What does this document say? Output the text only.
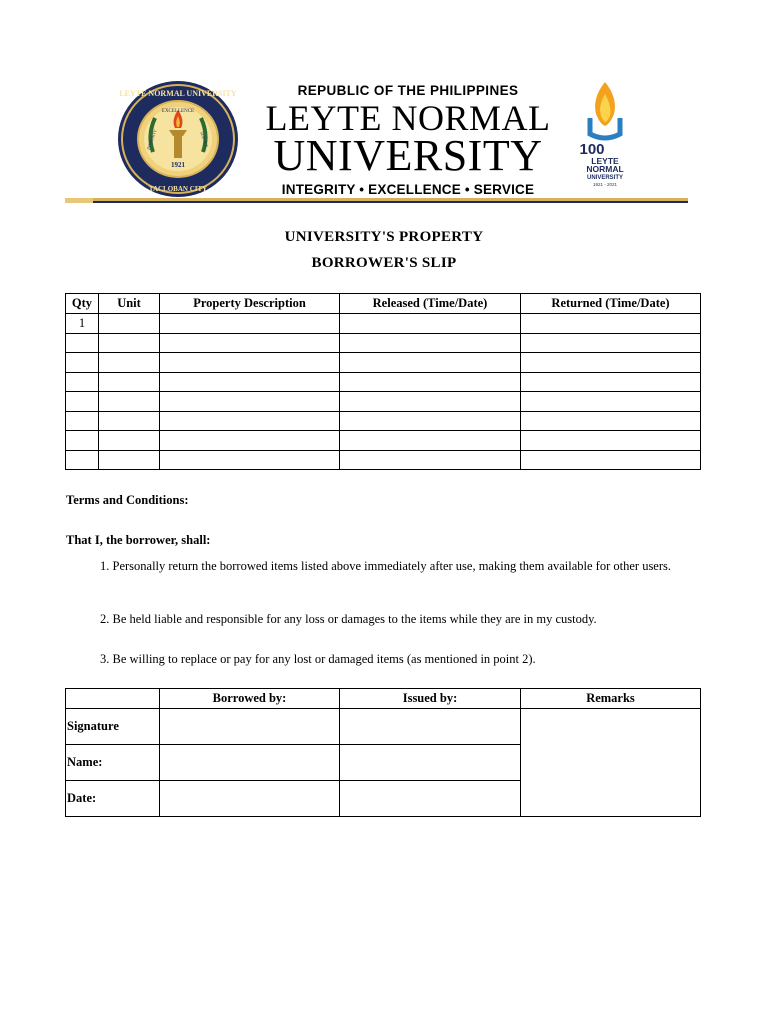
LEYTE NORMAL UNIVERSITY
TACLOBAN CITY
EXCELLENCE
INTEGRITY	SERVICE
1921
REPUBLIC OF THE PHILIPPINES
LEYTE NORMAL
UNIVERSITY
INTEGRITY • EXCELLENCE • SERVICE
100
LEYTE
NORMAL
UNIVERSITY
1921 - 2021
UNIVERSITY'S PROPERTY
BORROWER'S SLIP
Qty	Unit	Property Description	Released (Time/Date)	Returned (Time/Date)
1				

Terms and Conditions:
That I, the borrower, shall:
1. Personally return the borrowed items listed above immediately after use, making them available for other users.
2. Be held liable and responsible for any loss or damages to the items while they are in my custody.
3. Be willing to replace or pay for any lost or damaged items (as mentioned in point 2).
	Borrowed by:	Issued by:	Remarks
Signature			
Name:			
Date:			
